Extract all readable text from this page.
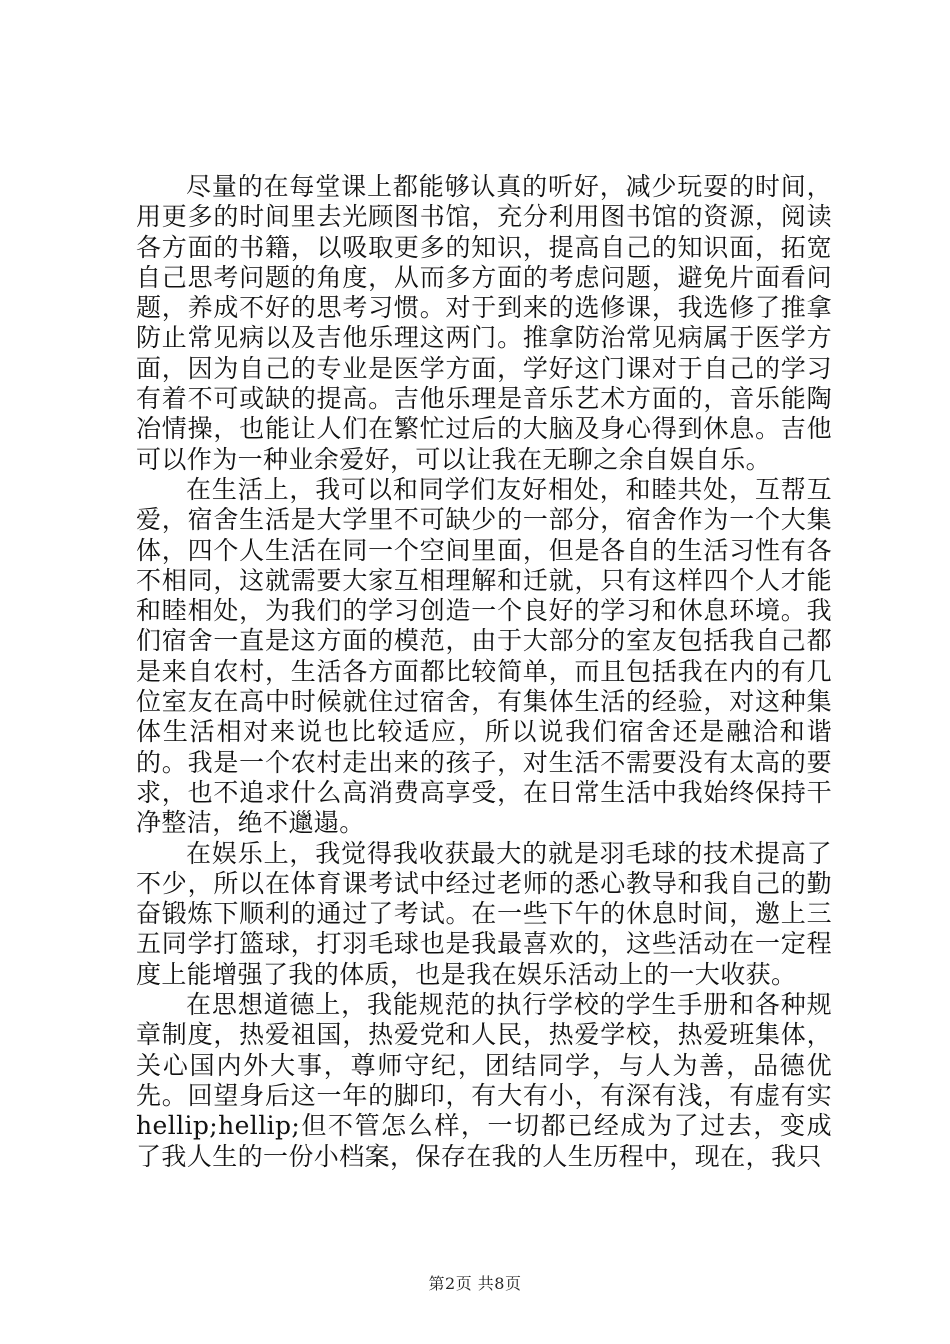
尽量的在每堂课上都能够认真的听好，减少玩耍的时间，用更多的时间里去光顾图书馆，充分利用图书馆的资源，阅读各方面的书籍，以吸取更多的知识，提高自己的知识面，拓宽自己思考问题的角度，从而多方面的考虑问题，避免片面看问题，养成不好的思考习惯。对于到来的选修课，我选修了推拿防止常见病以及吉他乐理这两门。推拿防治常见病属于医学方面，因为自己的专业是医学方面，学好这门课对于自己的学习有着不可或缺的提高。吉他乐理是音乐艺术方面的，音乐能陶冶情操，也能让人们在繁忙过后的大脑及身心得到休息。吉他可以作为一种业余爱好，可以让我在无聊之余自娱自乐。

在生活上，我可以和同学们友好相处，和睦共处，互帮互爱，宿舍生活是大学里不可缺少的一部分，宿舍作为一个大集体，四个人生活在同一个空间里面，但是各自的生活习性有各不相同，这就需要大家互相理解和迁就，只有这样四个人才能和睦相处，为我们的学习创造一个良好的学习和休息环境。我们宿舍一直是这方面的模范，由于大部分的室友包括我自己都是来自农村，生活各方面都比较简单，而且包括我在内的有几位室友在高中时候就住过宿舍，有集体生活的经验，对这种集体生活相对来说也比较适应，所以说我们宿舍还是融洽和谐的。我是一个农村走出来的孩子，对生活不需要没有太高的要求，也不追求什么高消费高享受，在日常生活中我始终保持干净整洁，绝不邋遢。

在娱乐上，我觉得我收获最大的就是羽毛球的技术提高了不少，所以在体育课考试中经过老师的悉心教导和我自己的勤奋锻炼下顺利的通过了考试。在一些下午的休息时间，邀上三五同学打篮球，打羽毛球也是我最喜欢的，这些活动在一定程度上能增强了我的体质，也是我在娱乐活动上的一大收获。

在思想道德上，我能规范的执行学校的学生手册和各种规章制度，热爱祖国，热爱党和人民，热爱学校，热爱班集体，关心国内外大事，尊师守纪，团结同学，与人为善，品德优先。回望身后这一年的脚印，有大有小，有深有浅，有虚有实hellip;hellip;但不管怎么样，一切都已经成为了过去，变成了我人生的一份小档案，保存在我的人生历程中，现在，我只

第2页 共8页
